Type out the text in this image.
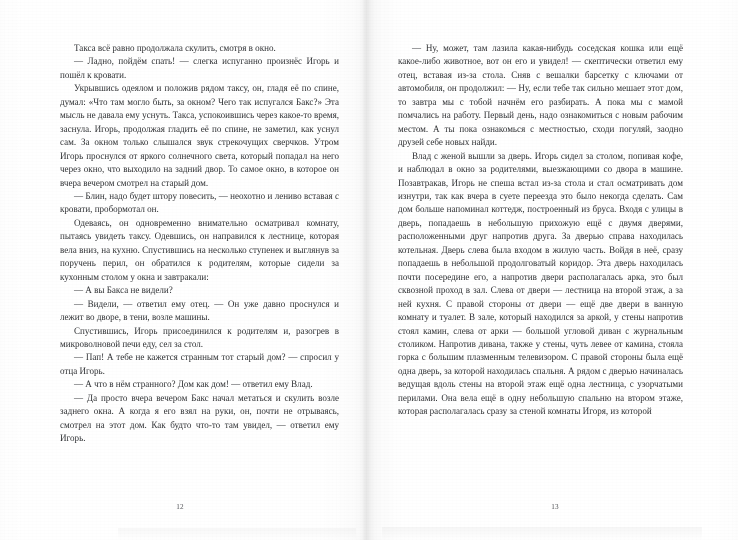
Такса всё равно продолжала скулить, смотря в окно.

— Ладно, пойдём спать! — слегка испуганно произнёс Игорь и пошёл к кровати.

Укрывшись одеялом и положив рядом таксу, он, гладя её по спине, думал: «Что там могло быть, за окном? Чего так испугался Бакс?» Эта мысль не давала ему уснуть. Такса, успокоившись через какое-то время, заснула. Игорь, продолжая гладить её по спине, не заметил, как уснул сам. За окном только слышался звук стрекочущих сверчков. Утром Игорь проснулся от яркого солнечного света, который попадал на него через окно, что выходило на задний двор. То самое окно, в которое он вчера вечером смотрел на старый дом.

— Блин, надо будет штору повесить, — неохотно и лениво вставая с кровати, пробормотал он.

Одеваясь, он одновременно внимательно осматривал комнату, пытаясь увидеть таксу. Одевшись, он направился к лестнице, которая вела вниз, на кухню. Спустившись на несколько ступенек и выглянув за поручень перил, он обратился к родителям, которые сидели за кухонным столом у окна и завтракали:

— А вы Бакса не видели?

— Видели, — ответил ему отец. — Он уже давно проснулся и лежит во дворе, в тени, возле машины.

Спустившись, Игорь присоединился к родителям и, разогрев в микроволновой печи еду, сел за стол.

— Пап! А тебе не кажется странным тот старый дом? — спросил у отца Игорь.

— А что в нём странного? Дом как дом! — ответил ему Влад.

— Да просто вчера вечером Бакс начал метаться и скулить возле заднего окна. А когда я его взял на руки, он, почти не отрываясь, смотрел на этот дом. Как будто что-то там увидел, — ответил ему Игорь.

12

— Ну, может, там лазила какая-нибудь соседская кошка или ещё какое-либо животное, вот он его и увидел! — скептически ответил ему отец, вставая из-за стола. Сняв с вешалки барсетку с ключами от автомобиля, он продолжил: — Ну, если тебе так сильно мешает этот дом, то завтра мы с тобой начнём его разбирать. А пока мы с мамой помчались на работу. Первый день, надо ознакомиться с новым рабочим местом. А ты пока ознакомься с местностью, сходи погуляй, заодно друзей себе новых найди.

Влад с женой вышли за дверь. Игорь сидел за столом, попивая кофе, и наблюдал в окно за родителями, выезжающими со двора в машине. Позавтракав, Игорь не спеша встал из-за стола и стал осматривать дом изнутри, так как вчера в суете переезда это было некогда сделать. Сам дом больше напоминал коттедж, построенный из бруса. Входя с улицы в дверь, попадаешь в небольшую прихожую ещё с двумя дверями, расположенными друг напротив друга. За дверью справа находилась котельная. Дверь слева была входом в жилую часть. Войдя в неё, сразу попадаешь в небольшой продолговатый коридор. Эта дверь находилась почти посередине его, а напротив двери располагалась арка, это был сквозной проход в зал. Слева от двери — лестница на второй этаж, а за ней кухня. С правой стороны от двери — ещё две двери в ванную комнату и туалет. В зале, который находился за аркой, у стены напротив стоял камин, слева от арки — большой угловой диван с журнальным столиком. Напротив дивана, также у стены, чуть левее от камина, стояла горка с большим плазменным телевизором. С правой стороны была ещё одна дверь, за которой находилась спальня. А рядом с дверью начиналась ведущая вдоль стены на второй этаж ещё одна лестница, с узорчатыми перилами. Она вела ещё в одну небольшую спальню на втором этаже, которая располагалась сразу за стеной комнаты Игоря, из которой

13
